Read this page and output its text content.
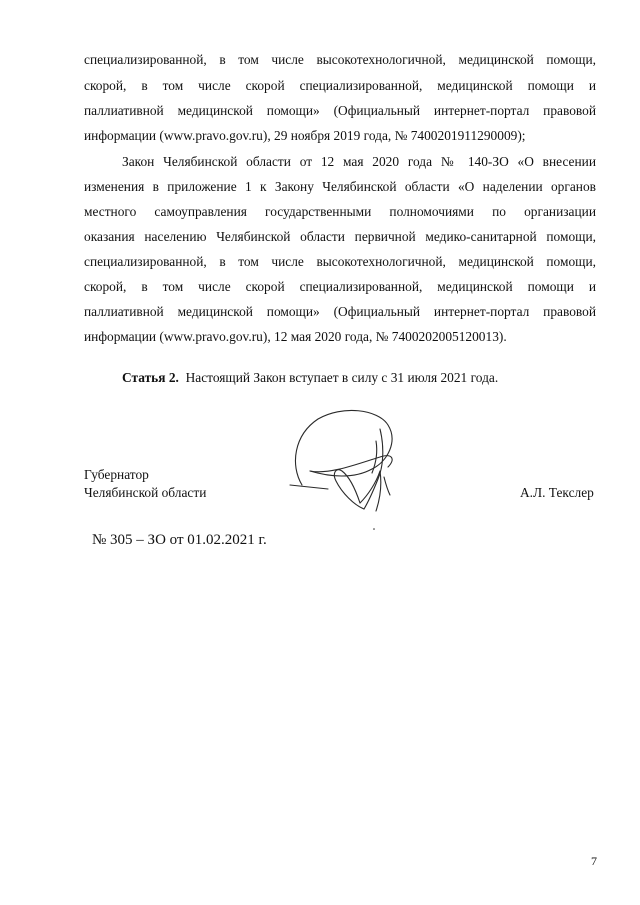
специализированной, в том числе высокотехнологичной, медицинской помощи,
скорой, в том числе скорой специализированной, медицинской помощи и
паллиативной медицинской помощи» (Официальный интернет-портал правовой
информации (www.pravo.gov.ru), 29 ноября 2019 года, № 7400201911290009);
Закон Челябинской области от 12 мая 2020 года № 140-ЗО «О внесении
изменения в приложение 1 к Закону Челябинской области «О наделении органов
местного самоуправления государственными полномочиями по организации
оказания населению Челябинской области первичной медико-санитарной помощи,
специализированной, в том числе высокотехнологичной, медицинской помощи,
скорой, в том числе скорой специализированной, медицинской помощи и
паллиативной медицинской помощи» (Официальный интернет-портал правовой
информации (www.pravo.gov.ru), 12 мая 2020 года, № 7400202005120013).
Статья 2. Настоящий Закон вступает в силу с 31 июля 2021 года.
Губернатор
Челябинской области	А.Л. Текслер
№ 305 – ЗО от 01.02.2021 г.
7
